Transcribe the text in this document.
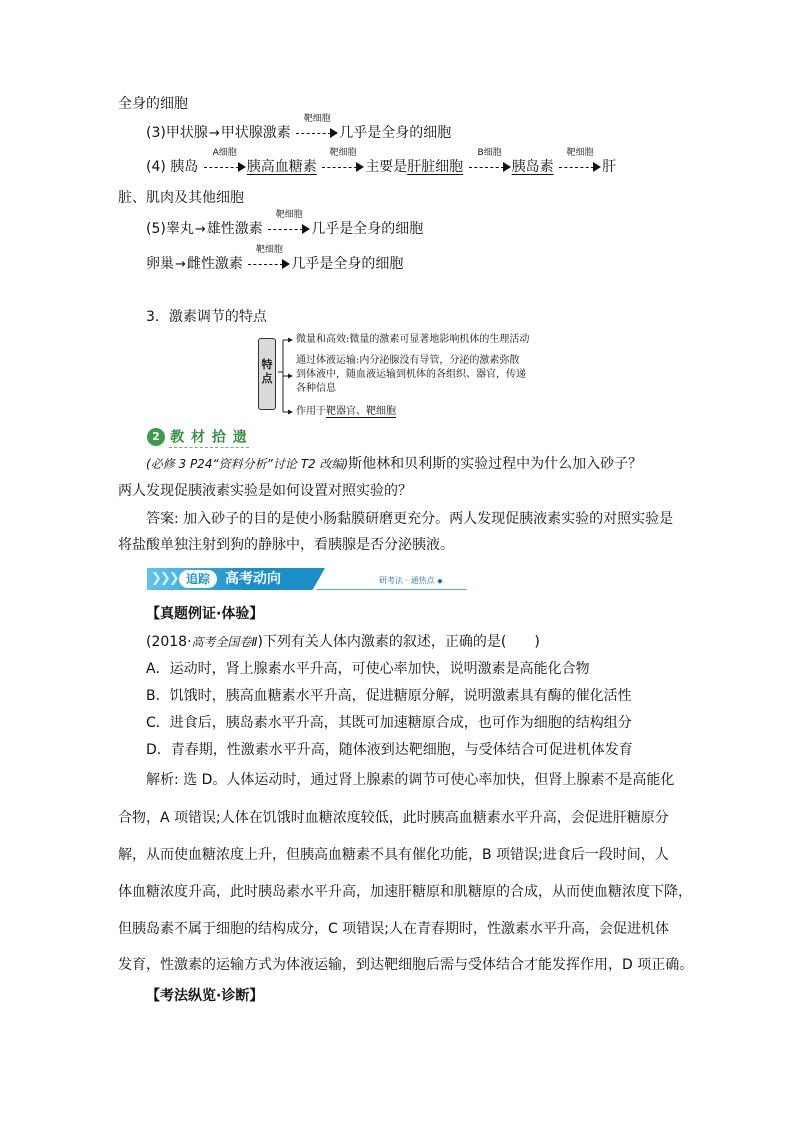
全身的细胞
(3)甲状腺→甲状腺激素
靶细胞
几乎是全身的细胞
(4) 胰岛
A细胞
胰高血糖素
靶细胞
主要是肝脏细胞
B细胞
胰岛素
靶细胞
肝
脏、肌肉及其他细胞
(5)睾丸→雄性激素
靶细胞
几乎是全身的细胞
卵巢→雌性激素
靶细胞
几乎是全身的细胞
3．激素调节的特点
特
点
微量和高效:微量的激素可显著地影响机体的生理活动
通过体液运输:内分泌腺没有导管，分泌的激素弥散
到体液中，随血液运输到机体的各组织、器官，传递
各种信息
作用于靶器官、靶细胞
2 教 材 拾 遗
(必修 3 P24“资料分析”讨论 T2 改编)斯他林和贝利斯的实验过程中为什么加入砂子？
两人发现促胰液素实验是如何设置对照实验的？
答案: 加入砂子的目的是使小肠黏膜研磨更充分。两人发现促胰液素实验的对照实验是
将盐酸单独注射到狗的静脉中，看胰腺是否分泌胰液。
❯❯❯ 追踪	高考动向	研考法 · 通热点 ◆
【真题例证·体验】
(2018·高考全国卷Ⅱ)下列有关人体内激素的叙述，正确的是(　　)
A．运动时，肾上腺素水平升高，可使心率加快，说明激素是高能化合物
B．饥饿时，胰高血糖素水平升高，促进糖原分解，说明激素具有酶的催化活性
C．进食后，胰岛素水平升高，其既可加速糖原合成，也可作为细胞的结构组分
D．青春期，性激素水平升高，随体液到达靶细胞，与受体结合可促进机体发育
解析: 选 D。人体运动时，通过肾上腺素的调节可使心率加快，但肾上腺素不是高能化
合物，A 项错误;人体在饥饿时血糖浓度较低，此时胰高血糖素水平升高，会促进肝糖原分
解，从而使血糖浓度上升，但胰高血糖素不具有催化功能，B 项错误;进食后一段时间，人
体血糖浓度升高，此时胰岛素水平升高，加速肝糖原和肌糖原的合成，从而使血糖浓度下降，
但胰岛素不属于细胞的结构成分，C 项错误;人在青春期时，性激素水平升高，会促进机体
发育，性激素的运输方式为体液运输，到达靶细胞后需与受体结合才能发挥作用，D 项正确。
【考法纵览·诊断】
